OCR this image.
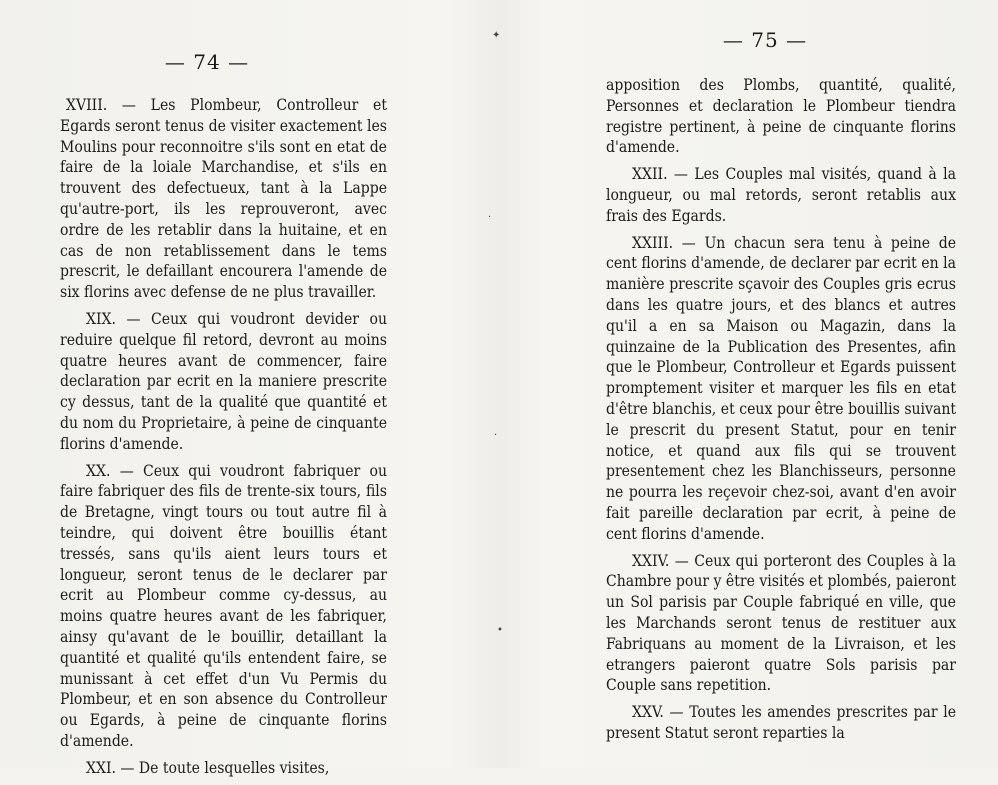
— 74 —

XVIII. — Les Plombeur, Controlleur et Egards seront tenus de visiter exactement les Moulins pour reconnoitre s'ils sont en etat de faire de la loiale Marchandise, et s'ils en trouvent des defectueux, tant à la Lappe qu'autre-port, ils les reprouveront, avec ordre de les retablir dans la huitaine, et en cas de non retablissement dans le tems prescrit, le defaillant encourera l'amende de six florins avec defense de ne plus travailler.

XIX. — Ceux qui voudront devider ou reduire quelque fil retord, devront au moins quatre heures avant de commencer, faire declaration par ecrit en la maniere prescrite cy dessus, tant de la qualité que quantité et du nom du Proprietaire, à peine de cinquante florins d'amende.

XX. — Ceux qui voudront fabriquer ou faire fabriquer des fils de trente-six tours, fils de Bretagne, vingt tours ou tout autre fil à teindre, qui doivent être bouillis étant tressés, sans qu'ils aient leurs tours et longueur, seront tenus de le declarer par ecrit au Plombeur comme cy-dessus, au moins quatre heures avant de les fabriquer, ainsy qu'avant de le bouillir, detaillant la quantité et qualité qu'ils entendent faire, se munissant à cet effet d'un Vu Permis du Plombeur, et en son absence du Controlleur ou Egards, à peine de cinquante florins d'amende.

XXI. — De toute lesquelles visites,

✦
·
·
•
— 75 —

apposition des Plombs, quantité, qualité, Personnes et declaration le Plombeur tiendra registre pertinent, à peine de cinquante florins d'amende.

XXII. — Les Couples mal visités, quand à la longueur, ou mal retords, seront retablis aux frais des Egards.

XXIII. — Un chacun sera tenu à peine de cent florins d'amende, de declarer par ecrit en la manière prescrite sçavoir des Couples gris ecrus dans les quatre jours, et des blancs et autres qu'il a en sa Maison ou Magazin, dans la quinzaine de la Publication des Presentes, afin que le Plombeur, Controlleur et Egards puissent promptement visiter et marquer les fils en etat d'être blanchis, et ceux pour être bouillis suivant le prescrit du present Statut, pour en tenir notice, et quand aux fils qui se trouvent presentement chez les Blanchisseurs, personne ne pourra les reçevoir chez-soi, avant d'en avoir fait pareille declaration par ecrit, à peine de cent florins d'amende.

XXIV. — Ceux qui porteront des Couples à la Chambre pour y être visités et plombés, paieront un Sol parisis par Couple fabriqué en ville, que les Marchands seront tenus de restituer aux Fabriquans au moment de la Livraison, et les etrangers paieront quatre Sols parisis par Couple sans repetition.

XXV. — Toutes les amendes prescrites par le present Statut seront reparties la
